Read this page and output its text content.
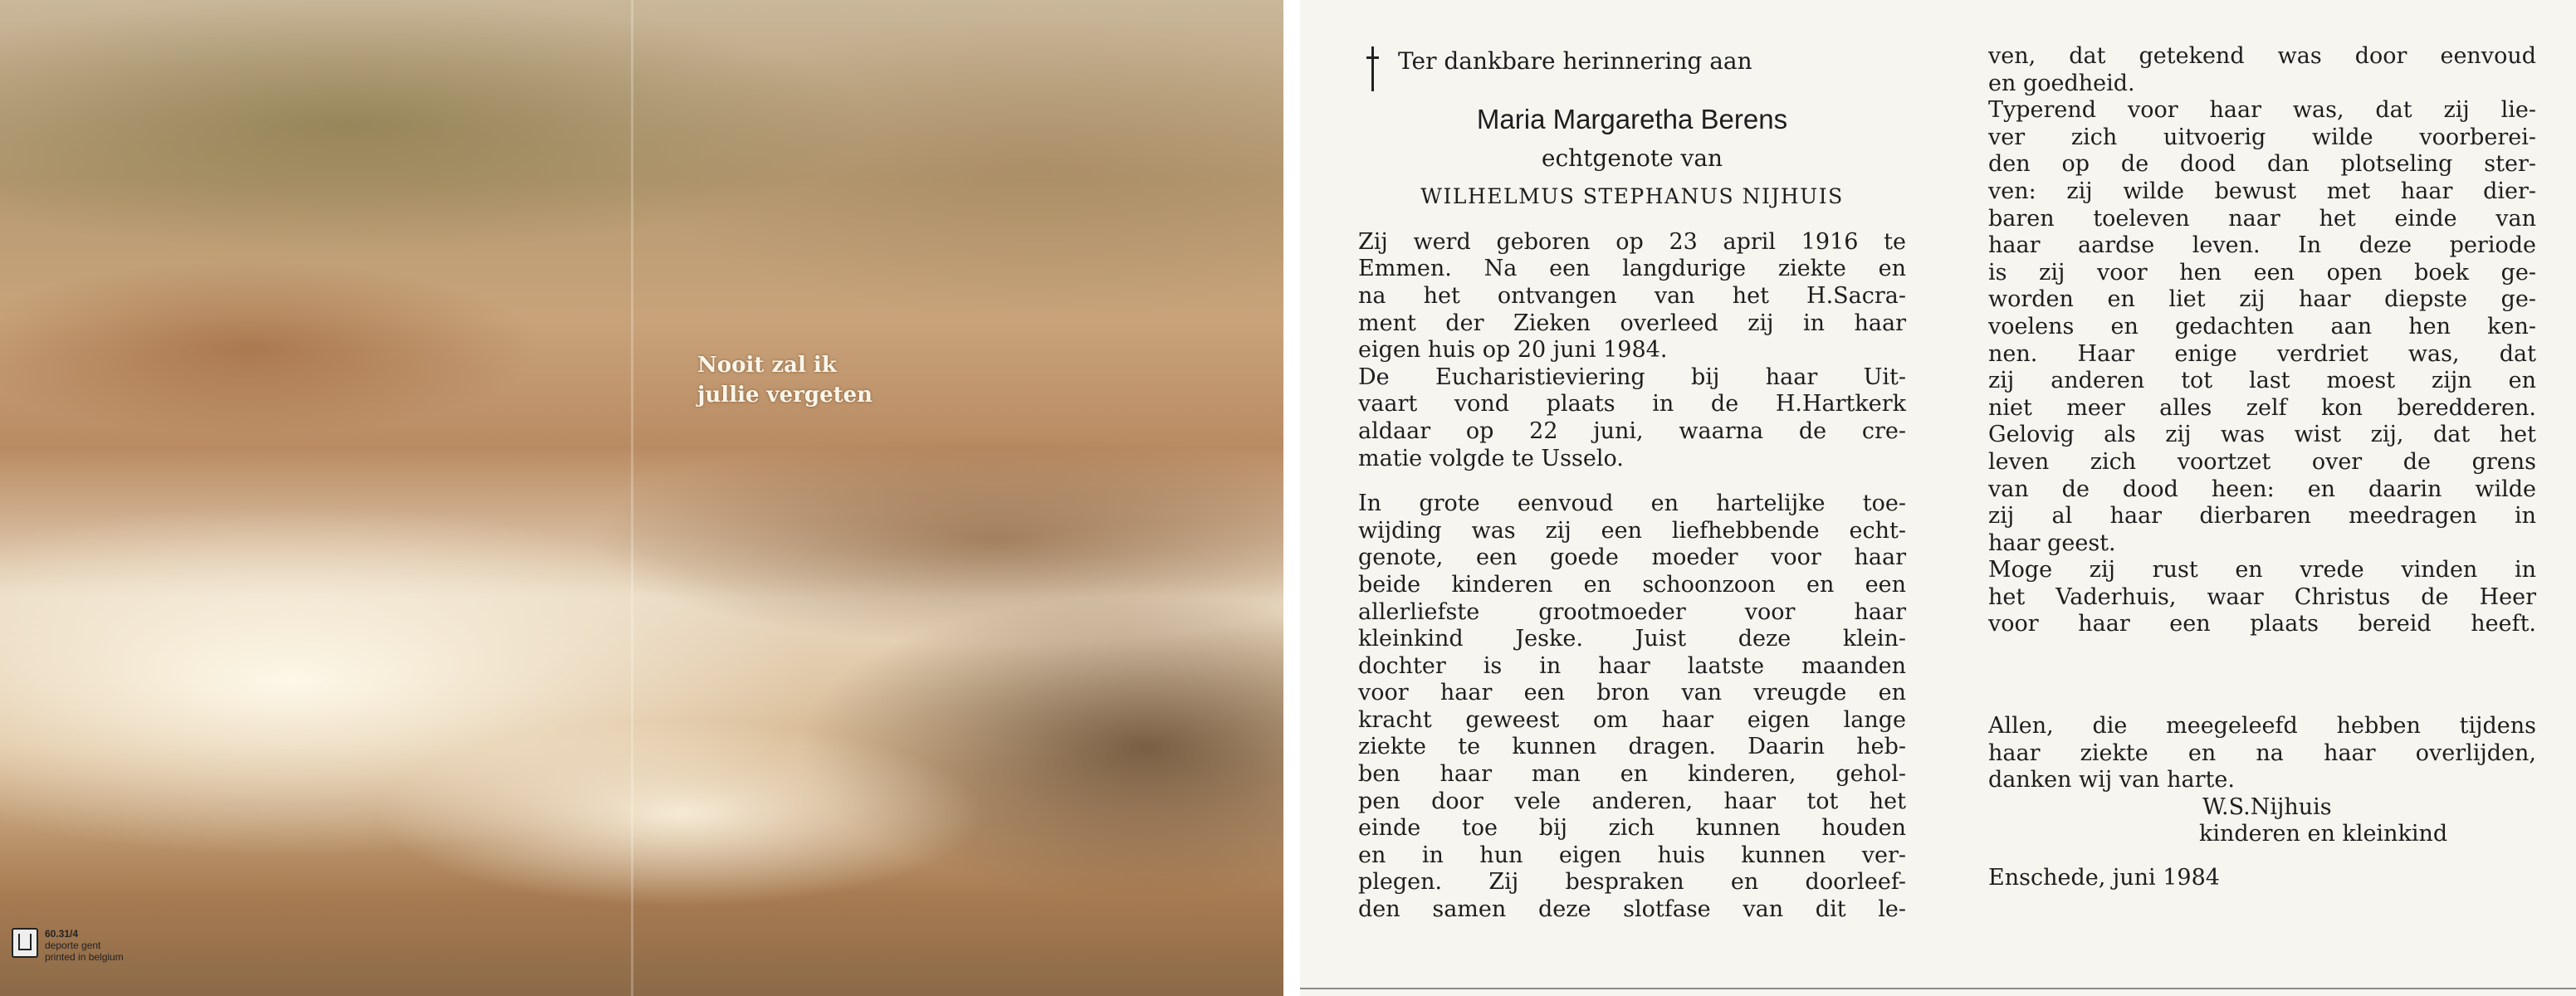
Nooit zal ik
jullie vergeten
60.31/4
deporte gent
printed in belgium
Ter dankbare herinnering aan
Maria Margaretha Berens
echtgenote van
WILHELMUS STEPHANUS NIJHUIS
Zij werd geboren op 23 april 1916 te
Emmen. Na een langdurige ziekte en
na het ontvangen van het H.Sacra-
ment der Zieken overleed zij in haar
eigen huis op 20 juni 1984.
De Eucharistieviering bij haar Uit-
vaart vond plaats in de H.Hartkerk
aldaar op 22 juni, waarna de cre-
matie volgde te Usselo.
In grote eenvoud en hartelijke toe-
wijding was zij een liefhebbende echt-
genote, een goede moeder voor haar
beide kinderen en schoonzoon en een
allerliefste grootmoeder voor haar
kleinkind Jeske. Juist deze klein-
dochter is in haar laatste maanden
voor haar een bron van vreugde en
kracht geweest om haar eigen lange
ziekte te kunnen dragen. Daarin heb-
ben haar man en kinderen, gehol-
pen door vele anderen, haar tot het
einde toe bij zich kunnen houden
en in hun eigen huis kunnen ver-
plegen. Zij bespraken en doorleef-
den samen deze slotfase van dit le-
ven, dat getekend was door eenvoud
en goedheid.
Typerend voor haar was, dat zij lie-
ver zich uitvoerig wilde voorberei-
den op de dood dan plotseling ster-
ven: zij wilde bewust met haar dier-
baren toeleven naar het einde van
haar aardse leven. In deze periode
is zij voor hen een open boek ge-
worden en liet zij haar diepste ge-
voelens en gedachten aan hen ken-
nen. Haar enige verdriet was, dat
zij anderen tot last moest zijn en
niet meer alles zelf kon beredderen.
Gelovig als zij was wist zij, dat het
leven zich voortzet over de grens
van de dood heen: en daarin wilde
zij al haar dierbaren meedragen in
haar geest.
Moge zij rust en vrede vinden in
het Vaderhuis, waar Christus de Heer
voor haar een plaats bereid heeft.
Allen, die meegeleefd hebben tijdens
haar ziekte en na haar overlijden,
danken wij van harte.
W.S.Nijhuis
kinderen en kleinkind
Enschede, juni 1984
